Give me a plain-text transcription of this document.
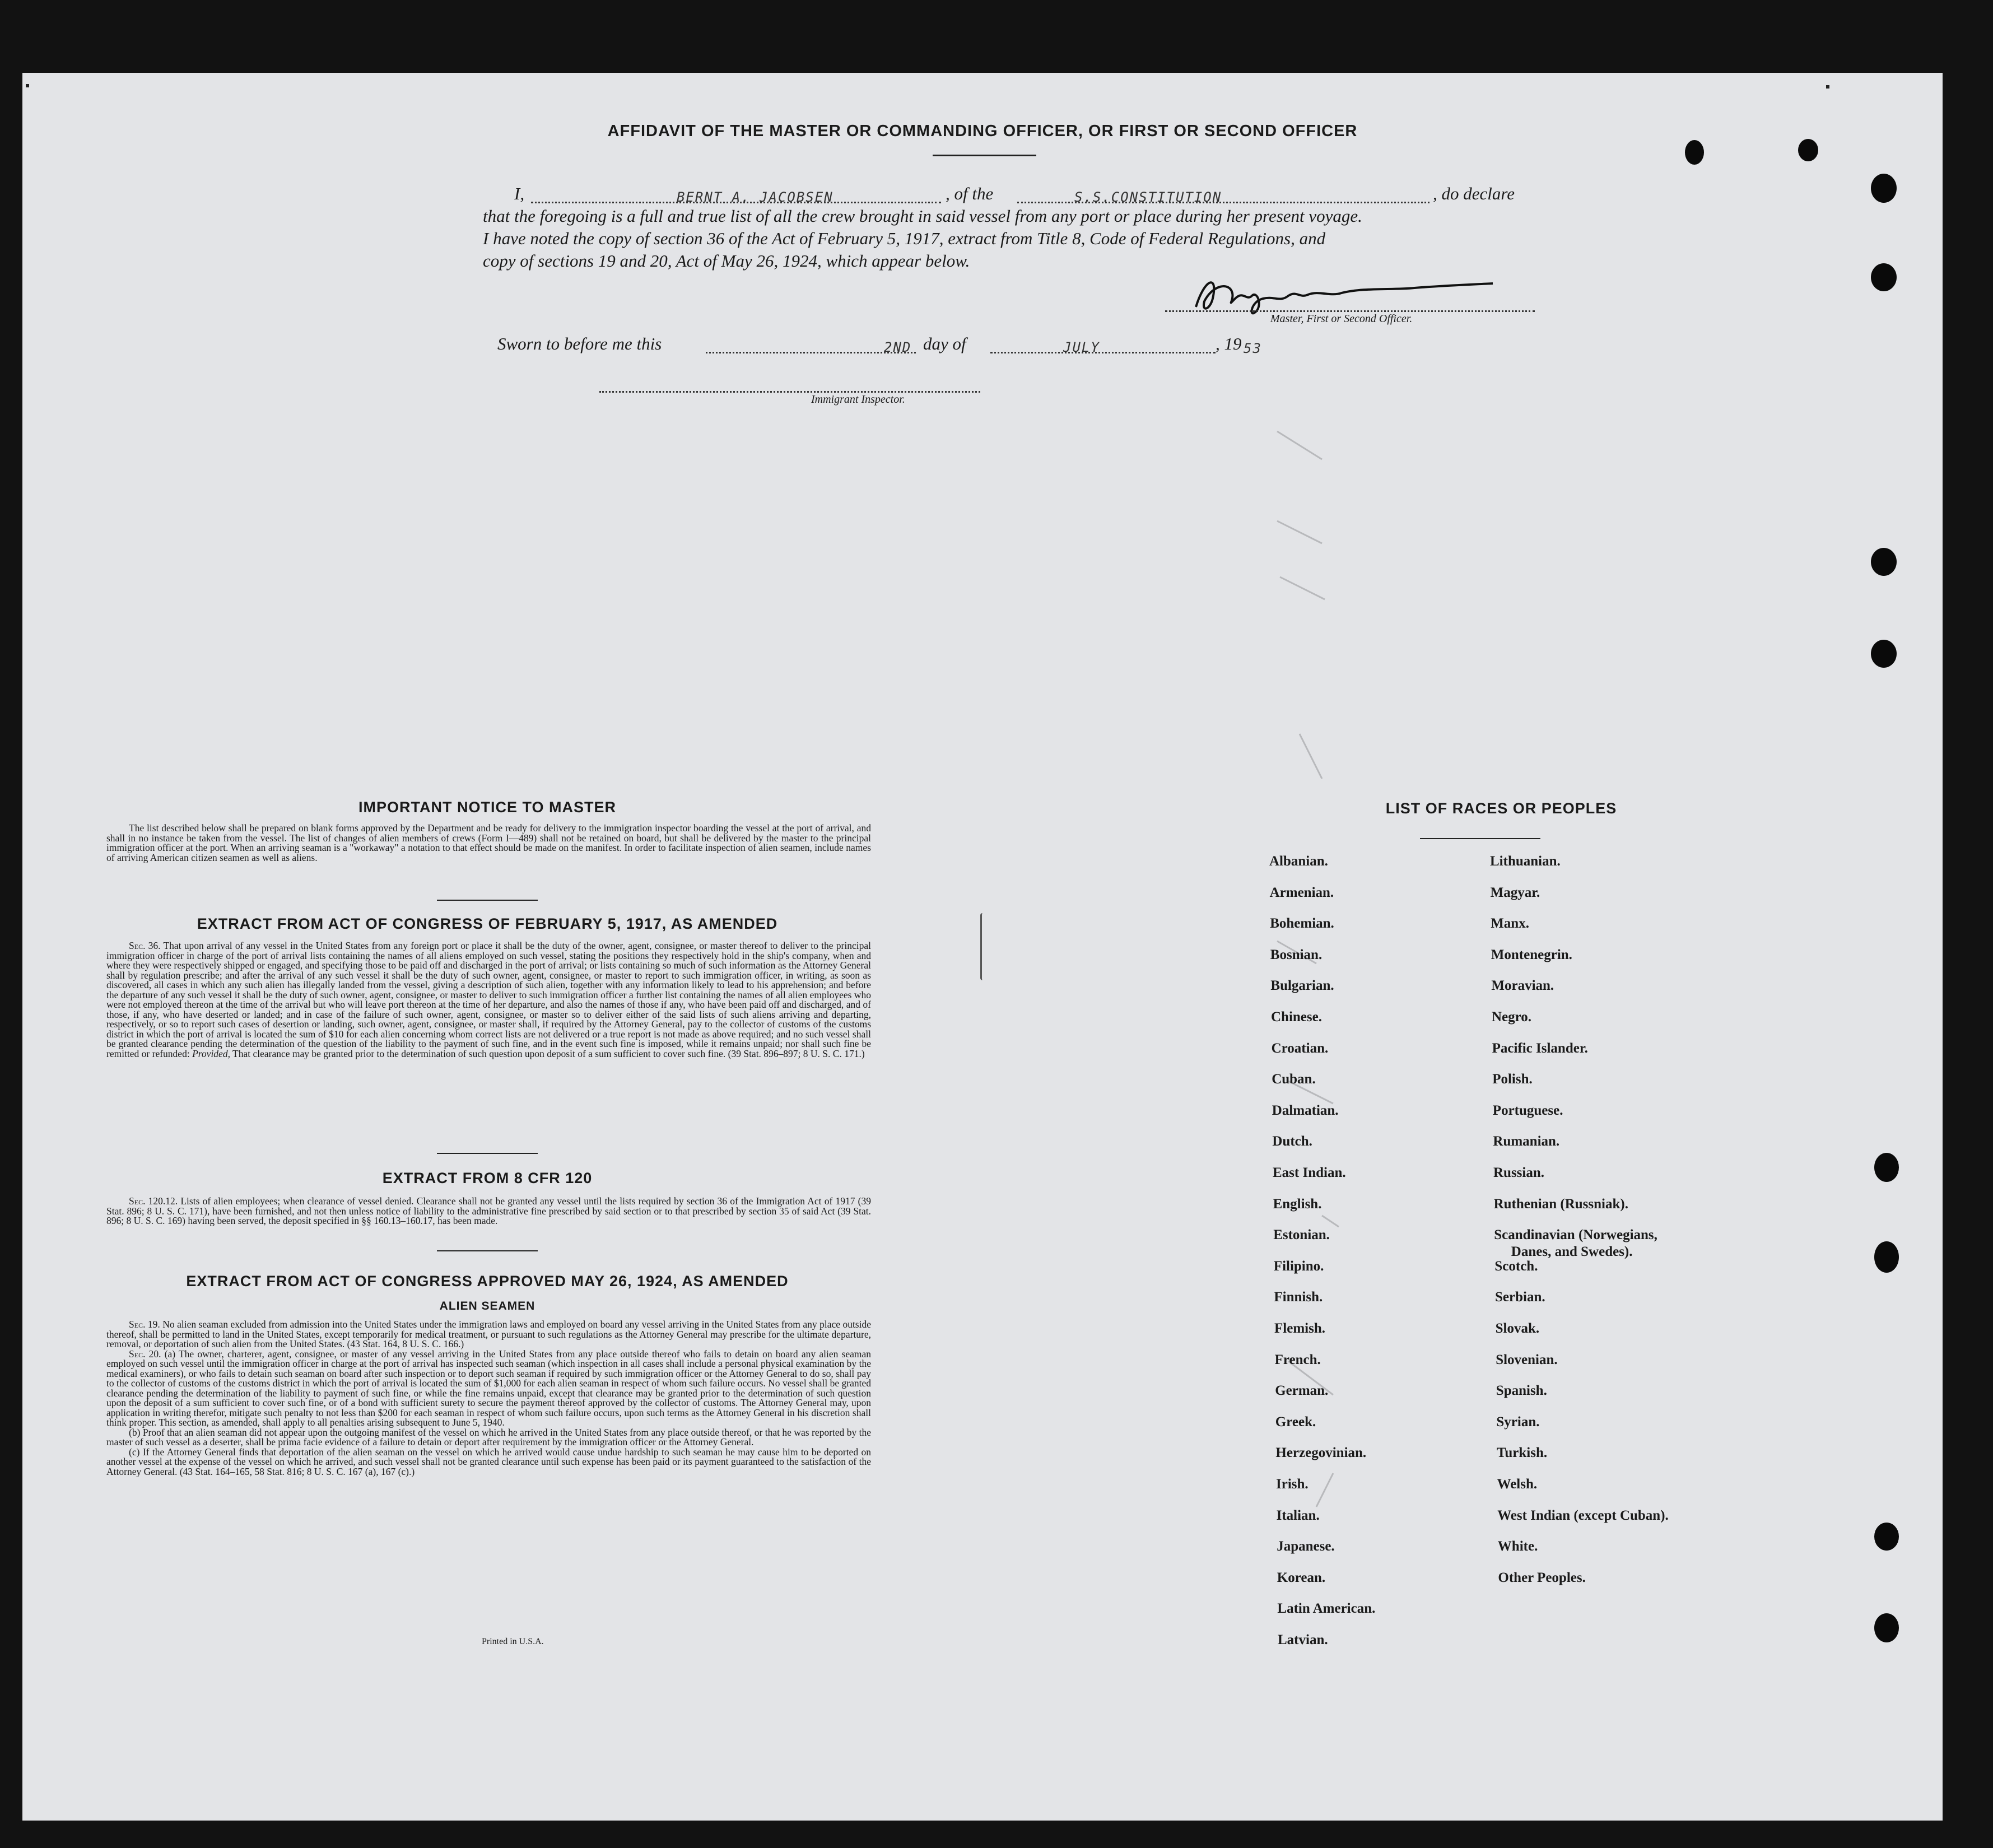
AFFIDAVIT OF THE MASTER OR COMMANDING OFFICER, OR FIRST OR SECOND OFFICER
I,	BERNT A. JACOBSEN	, of the	S.S.CONSTITUTION	, do declare
that the foregoing is a full and true list of all the crew brought in said vessel from any port or place during her present voyage.
I have noted the copy of section 36 of the Act of February 5, 1917, extract from Title 8, Code of Federal Regulations, and
copy of sections 19 and 20, Act of May 26, 1924, which appear below.
Master, First or Second Officer.
Sworn to before me this	2ND day of	JULY	, 19 53
Immigrant Inspector.
IMPORTANT NOTICE TO MASTER
The list described below shall be prepared on blank forms approved by the Department and be ready for delivery to the immigration inspector boarding the vessel at the port of arrival, and shall in no instance be taken from the vessel. The list of changes of alien members of crews (Form I—489) shall not be retained on board, but shall be delivered by the master to the principal immigration officer at the port. When an arriving seaman is a "workaway" a notation to that effect should be made on the manifest. In order to facilitate inspection of alien seamen, include names of arriving American citizen seamen as well as aliens.
EXTRACT FROM ACT OF CONGRESS OF FEBRUARY 5, 1917, AS AMENDED
Sec. 36. That upon arrival of any vessel in the United States from any foreign port or place it shall be the duty of the owner, agent, consignee, or master thereof to deliver to the principal immigration officer in charge of the port of arrival lists containing the names of all aliens employed on such vessel, stating the positions they respectively hold in the ship's company, when and where they were respectively shipped or engaged, and specifying those to be paid off and discharged in the port of arrival; or lists containing so much of such information as the Attorney General shall by regulation prescribe; and after the arrival of any such vessel it shall be the duty of such owner, agent, consignee, or master to report to such immigration officer, in writing, as soon as discovered, all cases in which any such alien has illegally landed from the vessel, giving a description of such alien, together with any information likely to lead to his apprehension; and before the departure of any such vessel it shall be the duty of such owner, agent, consignee, or master to deliver to such immigration officer a further list containing the names of all alien employees who were not employed thereon at the time of the arrival but who will leave port thereon at the time of her departure, and also the names of those if any, who have been paid off and discharged, and of those, if any, who have deserted or landed; and in case of the failure of such owner, agent, consignee, or master so to deliver either of the said lists of such aliens arriving and departing, respectively, or so to report such cases of desertion or landing, such owner, agent, consignee, or master shall, if required by the Attorney General, pay to the collector of customs of the customs district in which the port of arrival is located the sum of $10 for each alien concerning whom correct lists are not delivered or a true report is not made as above required; and no such vessel shall be granted clearance pending the determination of the question of the liability to the payment of such fine, and in the event such fine is imposed, while it remains unpaid; nor shall such fine be remitted or refunded: Provided, That clearance may be granted prior to the determination of such question upon deposit of a sum sufficient to cover such fine. (39 Stat. 896–897; 8 U. S. C. 171.)
EXTRACT FROM 8 CFR 120
Sec. 120.12. Lists of alien employees; when clearance of vessel denied. Clearance shall not be granted any vessel until the lists required by section 36 of the Immigration Act of 1917 (39 Stat. 896; 8 U. S. C. 171), have been furnished, and not then unless notice of liability to the administrative fine prescribed by said section or to that prescribed by section 35 of said Act (39 Stat. 896; 8 U. S. C. 169) having been served, the deposit specified in §§ 160.13–160.17, has been made.
EXTRACT FROM ACT OF CONGRESS APPROVED MAY 26, 1924, AS AMENDED
ALIEN SEAMEN

Sec. 19. No alien seaman excluded from admission into the United States under the immigration laws and employed on board any vessel arriving in the United States from any place outside thereof, shall be permitted to land in the United States, except temporarily for medical treatment, or pursuant to such regulations as the Attorney General may prescribe for the ultimate departure, removal, or deportation of such alien from the United States. (43 Stat. 164, 8 U. S. C. 166.)

Sec. 20. (a) The owner, charterer, agent, consignee, or master of any vessel arriving in the United States from any place outside thereof who fails to detain on board any alien seaman employed on such vessel until the immigration officer in charge at the port of arrival has inspected such seaman (which inspection in all cases shall include a personal physical examination by the medical examiners), or who fails to detain such seaman on board after such inspection or to deport such seaman if required by such immigration officer or the Attorney General to do so, shall pay to the collector of customs of the customs district in which the port of arrival is located the sum of $1,000 for each alien seaman in respect of whom such failure occurs. No vessel shall be granted clearance pending the determination of the liability to payment of such fine, or while the fine remains unpaid, except that clearance may be granted prior to the determination of such question upon the deposit of a sum sufficient to cover such fine, or of a bond with sufficient surety to secure the payment thereof approved by the collector of customs. The Attorney General may, upon application in writing therefor, mitigate such penalty to not less than $200 for each seaman in respect of whom such failure occurs, upon such terms as the Attorney General in his discretion shall think proper. This section, as amended, shall apply to all penalties arising subsequent to June 5, 1940.

(b) Proof that an alien seaman did not appear upon the outgoing manifest of the vessel on which he arrived in the United States from any place outside thereof, or that he was reported by the master of such vessel as a deserter, shall be prima facie evidence of a failure to detain or deport after requirement by the immigration officer or the Attorney General.

(c) If the Attorney General finds that deportation of the alien seaman on the vessel on which he arrived would cause undue hardship to such seaman he may cause him to be deported on another vessel at the expense of the vessel on which he arrived, and such vessel shall not be granted clearance until such expense has been paid or its payment guaranteed to the satisfaction of the Attorney General. (43 Stat. 164–165, 58 Stat. 816; 8 U. S. C. 167 (a), 167 (c).)

Printed in U.S.A.
LIST OF RACES OR PEOPLES
Albanian.
Armenian.
Bohemian.
Bosnian.
Bulgarian.
Chinese.
Croatian.
Cuban.
Dalmatian.
Dutch.
East Indian.
English.
Estonian.
Filipino.
Finnish.
Flemish.
French.
German.
Greek.
Herzegovinian.
Irish.
Italian.
Japanese.
Korean.
Latin American.
Latvian.
Lithuanian.
Magyar.
Manx.
Montenegrin.
Moravian.
Negro.
Pacific Islander.
Polish.
Portuguese.
Rumanian.
Russian.
Ruthenian (Russniak).
Scandinavian (Norwegians,
Danes, and Swedes).
Scotch.
Serbian.
Slovak.
Slovenian.
Spanish.
Syrian.
Turkish.
Welsh.
West Indian (except Cuban).
White.
Other Peoples.
